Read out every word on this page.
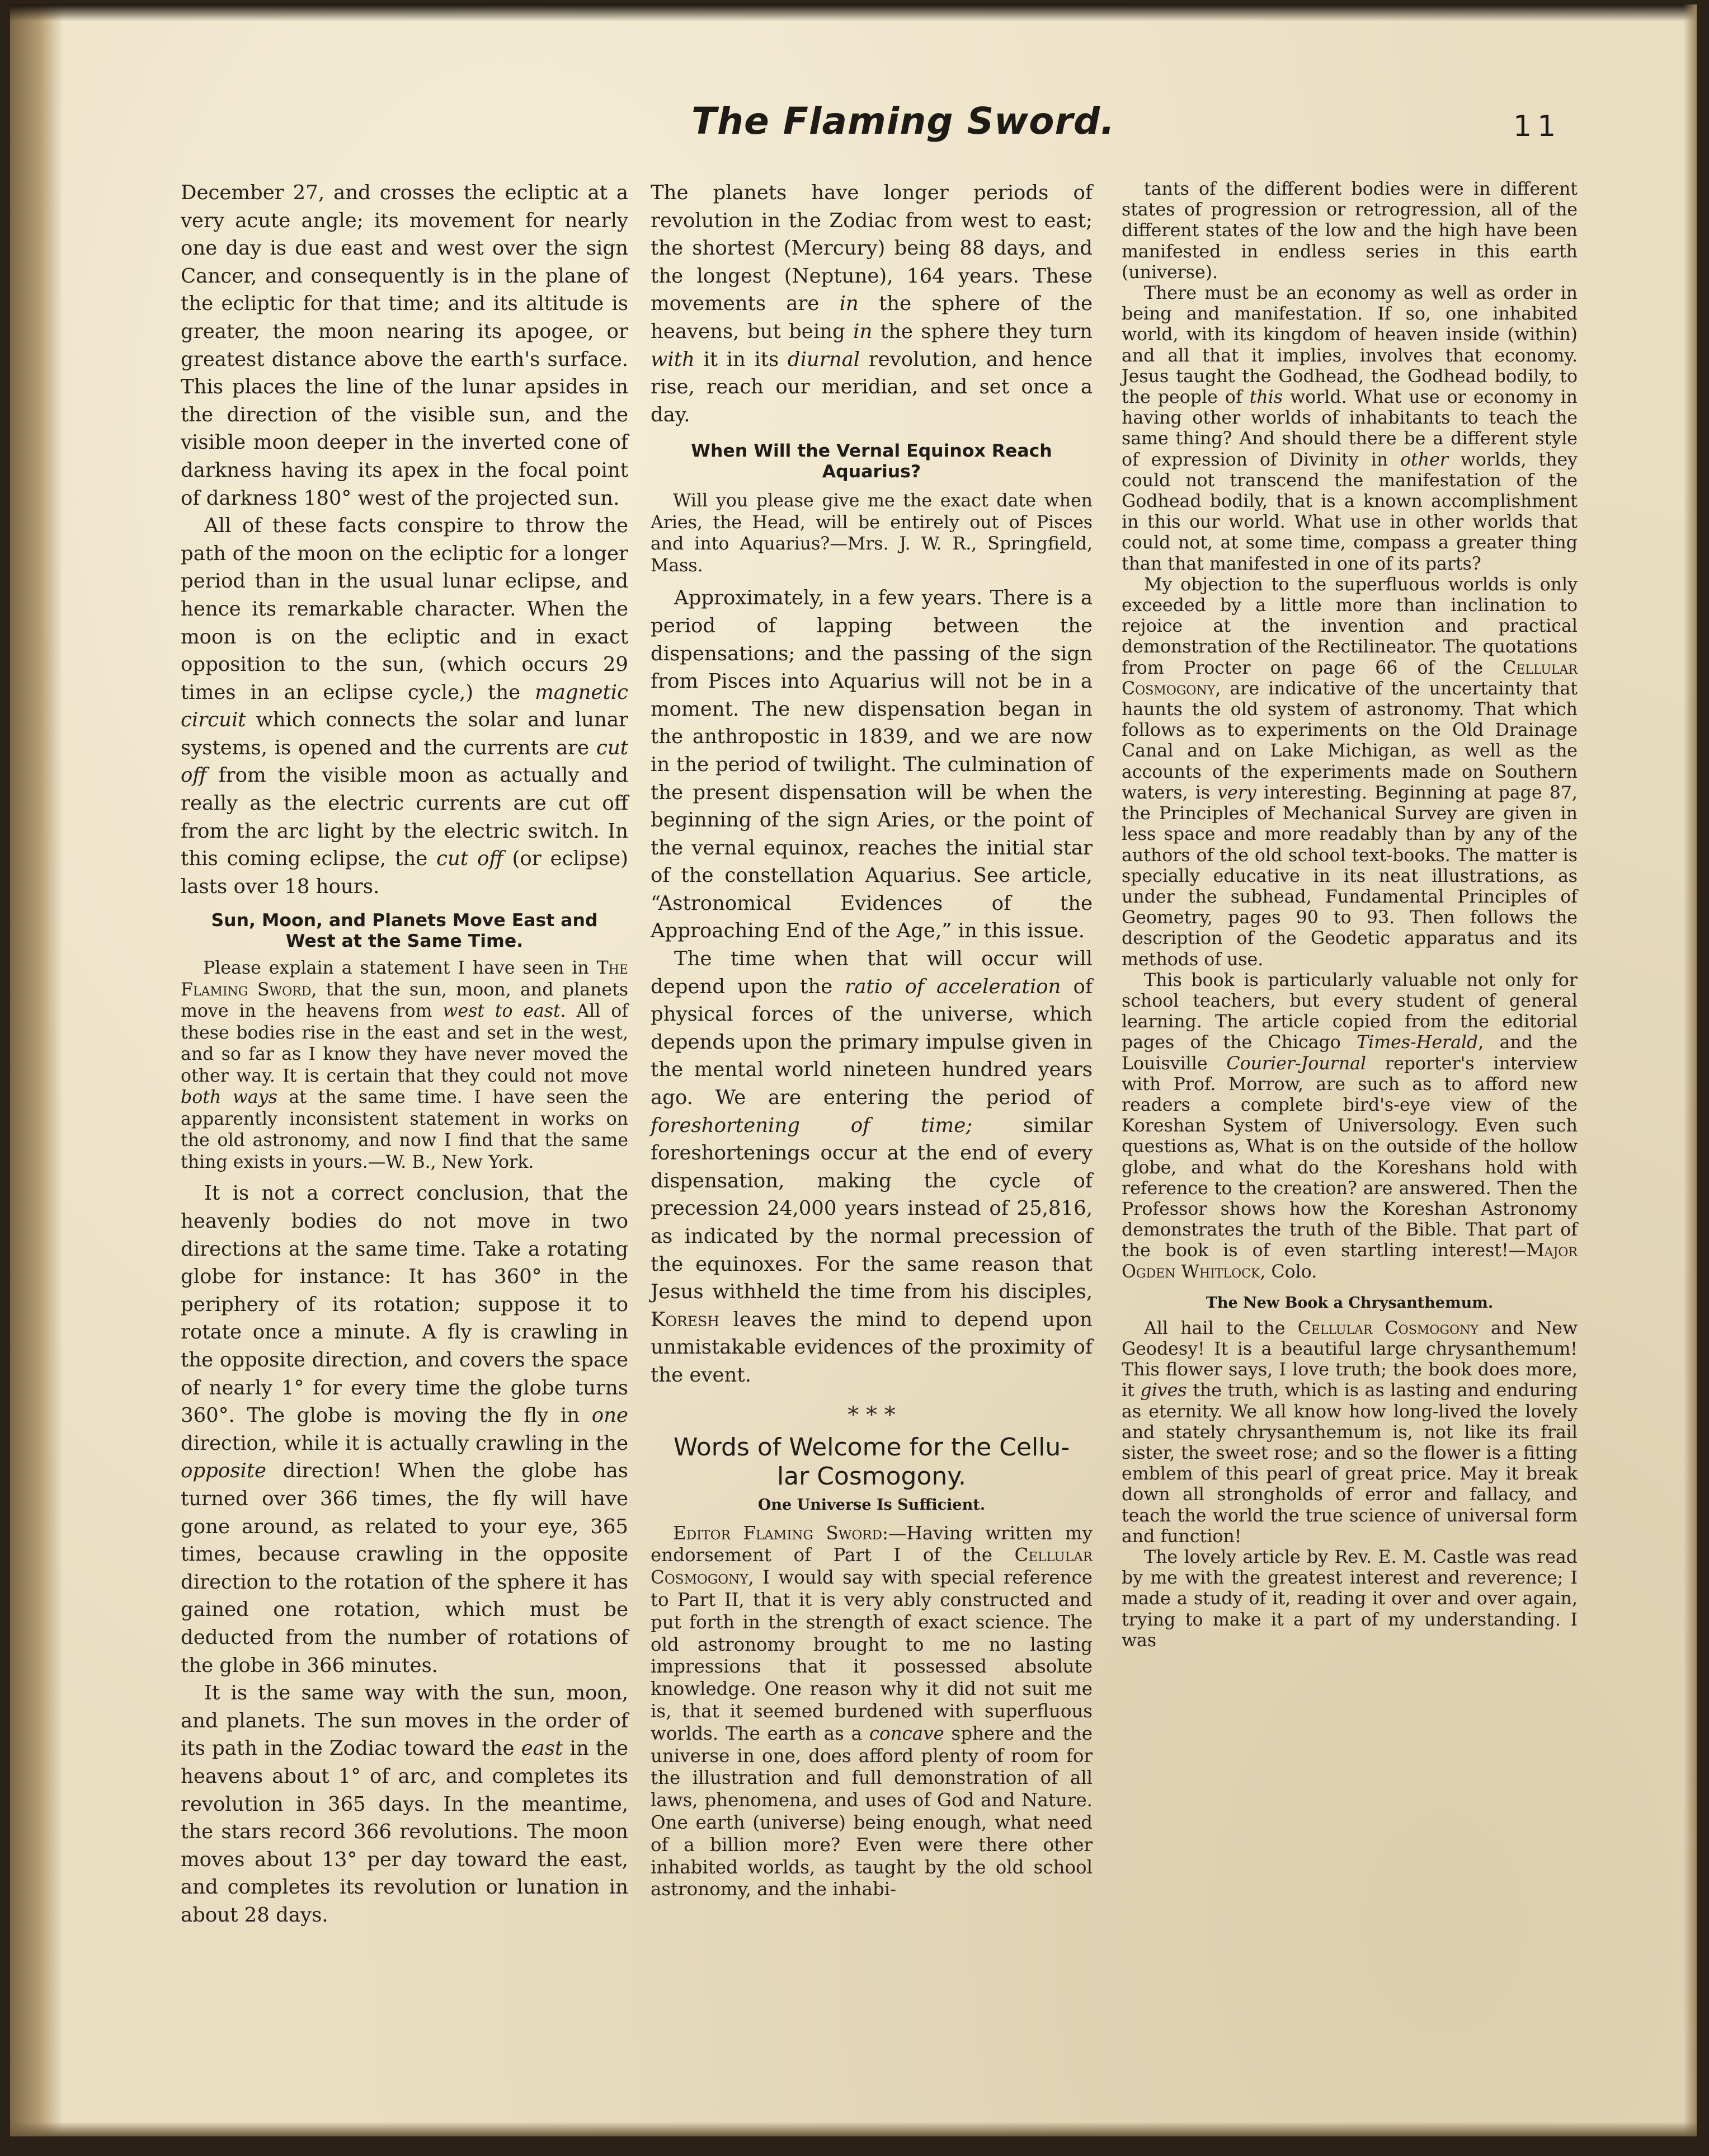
The Flaming Sword.	11

December 27, and crosses the ecliptic at a very acute angle; its movement for nearly one day is due east and west over the sign Cancer, and consequently is in the plane of the ecliptic for that time; and its altitude is greater, the moon nearing its apogee, or greatest distance above the earth's surface. This places the line of the lunar apsides in the direction of the visible sun, and the visible moon deeper in the inverted cone of darkness having its apex in the focal point of darkness 180° west of the projected sun.

All of these facts conspire to throw the path of the moon on the ecliptic for a longer period than in the usual lunar eclipse, and hence its remarkable character. When the moon is on the ecliptic and in exact opposition to the sun, (which occurs 29 times in an eclipse cycle,) the magnetic circuit which connects the solar and lunar systems, is opened and the currents are cut off from the visible moon as actually and really as the electric currents are cut off from the arc light by the electric switch. In this coming eclipse, the cut off (or eclipse) lasts over 18 hours.

Sun, Moon, and Planets Move East and
West at the Same Time.

Please explain a statement I have seen in The Flaming Sword, that the sun, moon, and planets move in the heavens from west to east. All of these bodies rise in the east and set in the west, and so far as I know they have never moved the other way. It is certain that they could not move both ways at the same time. I have seen the apparently inconsistent statement in works on the old astronomy, and now I find that the same thing exists in yours.—W. B., New York.

It is not a correct conclusion, that the heavenly bodies do not move in two directions at the same time. Take a rotating globe for instance: It has 360° in the periphery of its rotation; suppose it to rotate once a minute. A fly is crawling in the opposite direction, and covers the space of nearly 1° for every time the globe turns 360°. The globe is moving the fly in one direction, while it is actually crawling in the opposite direction! When the globe has turned over 366 times, the fly will have gone around, as related to your eye, 365 times, because crawling in the opposite direction to the rotation of the sphere it has gained one rotation, which must be deducted from the number of rotations of the globe in 366 minutes.

It is the same way with the sun, moon, and planets. The sun moves in the order of its path in the Zodiac toward the east in the heavens about 1° of arc, and completes its revolution in 365 days. In the meantime, the stars record 366 revolutions. The moon moves about 13° per day toward the east, and completes its revolution or lunation in about 28 days.

The planets have longer periods of revolution in the Zodiac from west to east; the shortest (Mercury) being 88 days, and the longest (Neptune), 164 years. These movements are in the sphere of the heavens, but being in the sphere they turn with it in its diurnal revolution, and hence rise, reach our meridian, and set once a day.

When Will the Vernal Equinox Reach
Aquarius?

Will you please give me the exact date when Aries, the Head, will be entirely out of Pisces and into Aquarius?—Mrs. J. W. R., Springfield, Mass.

Approximately, in a few years. There is a period of lapping between the dispensations; and the passing of the sign from Pisces into Aquarius will not be in a moment. The new dispensation began in the anthropostic in 1839, and we are now in the period of twilight. The culmination of the present dispensation will be when the beginning of the sign Aries, or the point of the vernal equinox, reaches the initial star of the constellation Aquarius. See article, “Astronomical Evidences of the Approaching End of the Age,” in this issue.

The time when that will occur will depend upon the ratio of acceleration of physical forces of the universe, which depends upon the primary impulse given in the mental world nineteen hundred years ago. We are entering the period of foreshortening of time; similar foreshortenings occur at the end of every dispensation, making the cycle of precession 24,000 years instead of 25,816, as indicated by the normal precession of the equinoxes. For the same reason that Jesus withheld the time from his disciples, Koresh leaves the mind to depend upon unmistakable evidences of the proximity of the event.

* * *
Words of Welcome for the Cellu-
lar Cosmogony.
One Universe Is Sufficient.

Editor Flaming Sword:—Having written my endorsement of Part I of the Cellular Cosmogony, I would say with special reference to Part II, that it is very ably constructed and put forth in the strength of exact science. The old astronomy brought to me no lasting impressions that it possessed absolute knowledge. One reason why it did not suit me is, that it seemed burdened with superfluous worlds. The earth as a concave sphere and the universe in one, does afford plenty of room for the illustration and full demonstration of all laws, phenomena, and uses of God and Nature. One earth (universe) being enough, what need of a billion more? Even were there other inhabited worlds, as taught by the old school astronomy, and the inhabi-

tants of the different bodies were in different states of progression or retrogression, all of the different states of the low and the high have been manifested in endless series in this earth (universe).

There must be an economy as well as order in being and manifestation. If so, one inhabited world, with its kingdom of heaven inside (within) and all that it implies, involves that economy. Jesus taught the Godhead, the Godhead bodily, to the people of this world. What use or economy in having other worlds of inhabitants to teach the same thing? And should there be a different style of expression of Divinity in other worlds, they could not transcend the manifestation of the Godhead bodily, that is a known accomplishment in this our world. What use in other worlds that could not, at some time, compass a greater thing than that manifested in one of its parts?

My objection to the superfluous worlds is only exceeded by a little more than inclination to rejoice at the invention and practical demonstration of the Rectilineator. The quotations from Procter on page 66 of the Cellular Cosmogony, are indicative of the uncertainty that haunts the old system of astronomy. That which follows as to experiments on the Old Drainage Canal and on Lake Michigan, as well as the accounts of the experiments made on Southern waters, is very interesting. Beginning at page 87, the Principles of Mechanical Survey are given in less space and more readably than by any of the authors of the old school text-books. The matter is specially educative in its neat illustrations, as under the subhead, Fundamental Principles of Geometry, pages 90 to 93. Then follows the description of the Geodetic apparatus and its methods of use.

This book is particularly valuable not only for school teachers, but every student of general learning. The article copied from the editorial pages of the Chicago Times-Herald, and the Louisville Courier-Journal reporter's interview with Prof. Morrow, are such as to afford new readers a complete bird's-eye view of the Koreshan System of Universology. Even such questions as, What is on the outside of the hollow globe, and what do the Koreshans hold with reference to the creation? are answered. Then the Professor shows how the Koreshan Astronomy demonstrates the truth of the Bible. That part of the book is of even startling interest!—Major Ogden Whitlock, Colo.

The New Book a Chrysanthemum.

All hail to the Cellular Cosmogony and New Geodesy! It is a beautiful large chrysanthemum! This flower says, I love truth; the book does more, it gives the truth, which is as lasting and enduring as eternity. We all know how long-lived the lovely and stately chrysanthemum is, not like its frail sister, the sweet rose; and so the flower is a fitting emblem of this pearl of great price. May it break down all strongholds of error and fallacy, and teach the world the true science of universal form and function!

The lovely article by Rev. E. M. Castle was read by me with the greatest interest and reverence; I made a study of it, reading it over and over again, trying to make it a part of my understanding. I was
